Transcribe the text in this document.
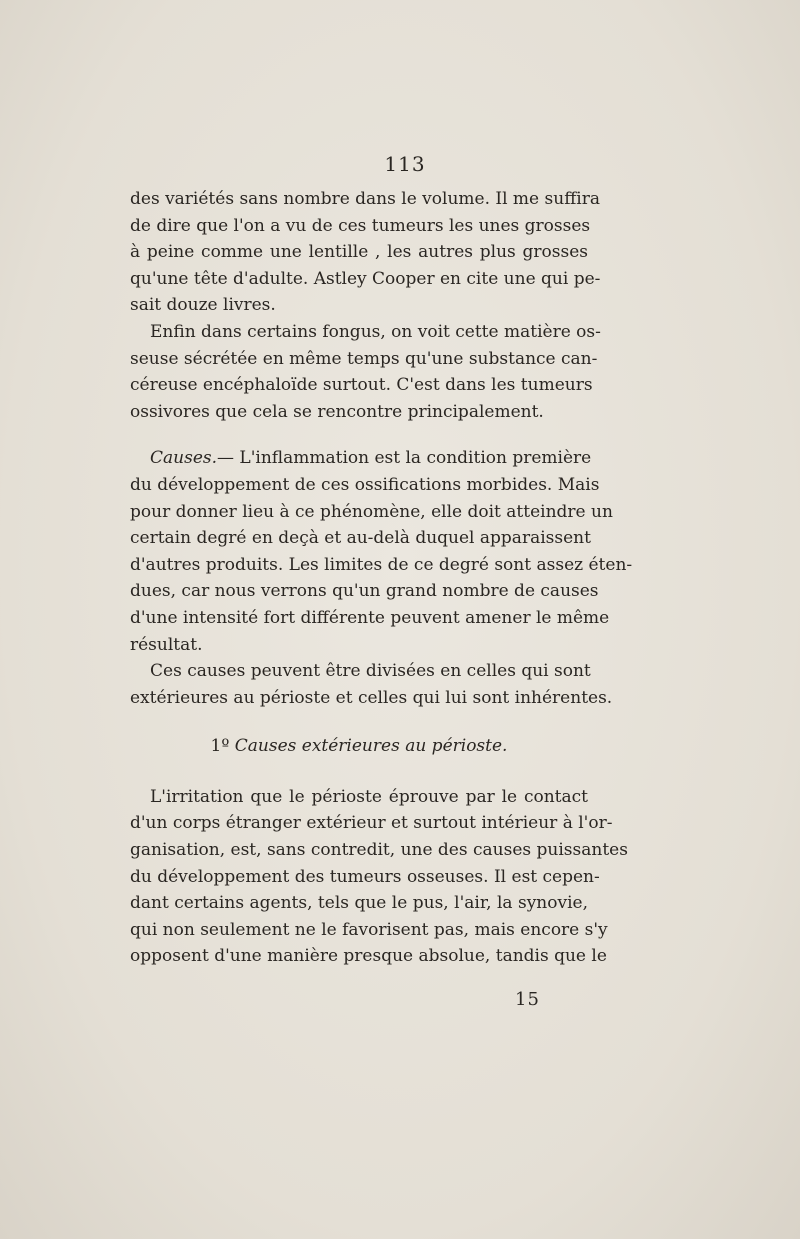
113
des variétés sans nombre dans le volume. Il me suffira
de dire que l'on a vu de ces tumeurs les unes grosses
à peine comme une lentille , les autres plus grosses
qu'une tête d'adulte. Astley Cooper en cite une qui pe-
sait douze livres.
Enfin dans certains fongus, on voit cette matière os-
seuse sécrétée en même temps qu'une substance can-
céreuse encéphaloïde surtout. C'est dans les tumeurs
ossivores que cela se rencontre principalement.
Causes.— L'inflammation est la condition première
du développement de ces ossifications morbides. Mais
pour donner lieu à ce phénomène, elle doit atteindre un
certain degré en deçà et au-delà duquel apparaissent
d'autres produits. Les limites de ce degré sont assez éten-
dues, car nous verrons qu'un grand nombre de causes
d'une intensité fort différente peuvent amener le même
résultat.
Ces causes peuvent être divisées en celles qui sont
extérieures au périoste et celles qui lui sont inhérentes.
1º Causes extérieures au périoste.
L'irritation que le périoste éprouve par le contact
d'un corps étranger extérieur et surtout intérieur à l'or-
ganisation, est, sans contredit, une des causes puissantes
du développement des tumeurs osseuses. Il est cepen-
dant certains agents, tels que le pus, l'air, la synovie,
qui non seulement ne le favorisent pas, mais encore s'y
opposent d'une manière presque absolue, tandis que le
15
